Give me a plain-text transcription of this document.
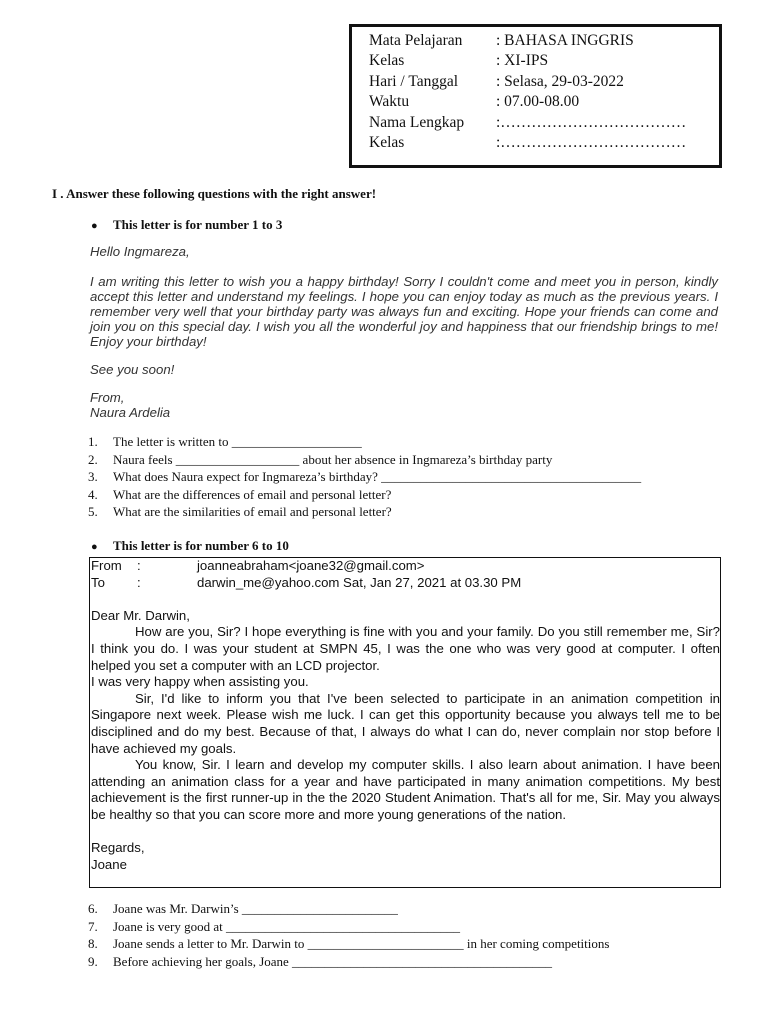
Mata Pelajaran	: BAHASA INGGRIS
Kelas	: XI-IPS
Hari / Tanggal	: Selasa, 29-03-2022
Waktu	: 07.00-08.00
Nama Lengkap	:………………………………
Kelas	:………………………………
I . Answer these following questions with the right answer!
● This letter is for number 1 to 3
Hello Ingmareza,
I am writing this letter to wish you a happy birthday! Sorry I couldn't come and meet you in person, kindly accept this letter and understand my feelings. I hope you can enjoy today as much as the previous years. I remember very well that your birthday party was always fun and exciting. Hope your friends can come and join you on this special day. I wish you all the wonderful joy and happiness that our friendship brings to me! Enjoy your birthday!
See you soon!
From,
Naura Ardelia
1. The letter is written to ____________________
2. Naura feels ___________________ about her absence in Ingmareza’s birthday party
3. What does Naura expect for Ingmareza’s birthday? ________________________________________
4. What are the differences of email and personal letter?
5. What are the similarities of email and personal letter?
● This letter is for number 6 to 10
From :	joanneabraham<joane32@gmail.com>
To	:	darwin_me@yahoo.com Sat, Jan 27, 2021 at 03.30 PM

Dear Mr. Darwin,

How are you, Sir? I hope everything is fine with you and your family. Do you still remember me, Sir? I think you do. I was your student at SMPN 45, I was the one who was very good at computer. I often helped you set a computer with an LCD projector.

I was very happy when assisting you.

Sir, I'd like to inform you that I've been selected to participate in an animation competition in Singapore next week. Please wish me luck. I can get this opportunity because you always tell me to be disciplined and do my best. Because of that, I always do what I can do, never complain nor stop before I have achieved my goals.

You know, Sir. I learn and develop my computer skills. I also learn about animation. I have been attending an animation class for a year and have participated in many animation competitions. My best achievement is the first runner-up in the the 2020 Student Animation. That's all for me, Sir. May you always be healthy so that you can score more and more young generations of the nation.

Regards,

Joane

6. Joane was Mr. Darwin’s ________________________
7. Joane is very good at ____________________________________
8. Joane sends a letter to Mr. Darwin to ________________________ in her coming competitions
9. Before achieving her goals, Joane ________________________________________
